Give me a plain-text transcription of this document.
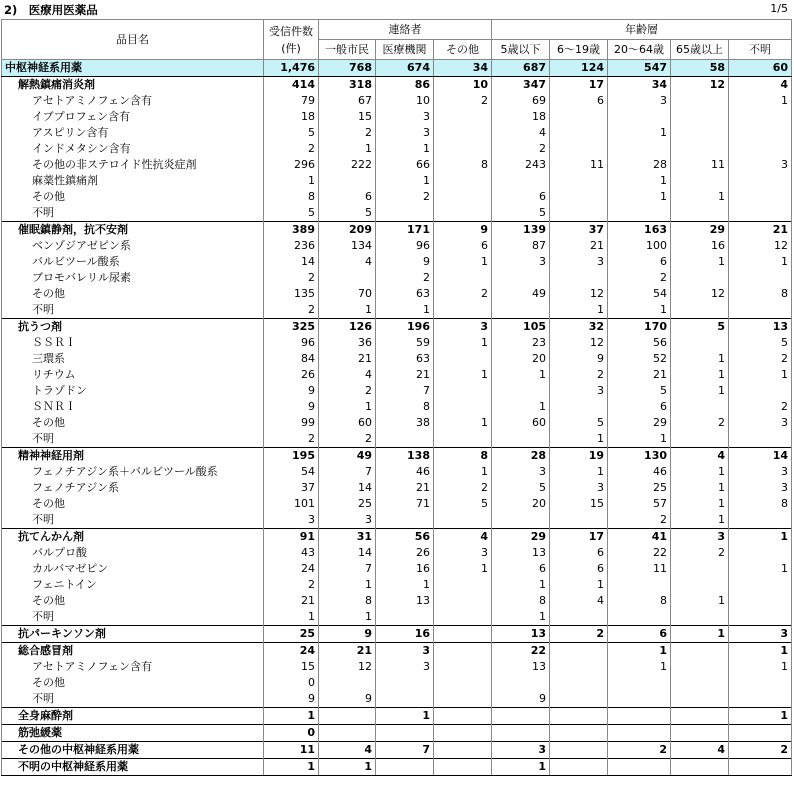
2)　医療用医薬品	1/5
品目名	受信件数(件)	連絡者			年齢層				
		一般市民	医療機関	その他	5歳以下	6～19歳	20～64歳	65歳以上	不明
中枢神経系用薬	1,476	768	674	34	687	124	547	58	60
解熱鎮痛消炎剤	414	318	86	10	347	17	34	12	4
アセトアミノフェン含有	79	67	10	2	69	6	3		1
イブプロフェン含有	18	15	3		18				
アスピリン含有	5	2	3		4		1		
インドメタシン含有	2	1	1		2				
その他の非ステロイド性抗炎症剤	296	222	66	8	243	11	28	11	3
麻薬性鎮痛剤	1		1				1		
その他	8	6	2		6		1	1	
不明	5	5			5				
催眠鎮静剤，抗不安剤	389	209	171	9	139	37	163	29	21
ベンゾジアゼピン系	236	134	96	6	87	21	100	16	12
バルビツール酸系	14	4	9	1	3	3	6	1	1
ブロモバレリル尿素	2		2				2		
その他	135	70	63	2	49	12	54	12	8
不明	2	1	1			1	1		
抗うつ剤	325	126	196	3	105	32	170	5	13
ＳＳＲＩ	96	36	59	1	23	12	56		5
三環系	84	21	63		20	9	52	1	2
リチウム	26	4	21	1	1	2	21	1	1
トラゾドン	9	2	7			3	5	1	
ＳＮＲＩ	9	1	8		1		6		2
その他	99	60	38	1	60	5	29	2	3
不明	2	2				1	1		
精神神経用剤	195	49	138	8	28	19	130	4	14
フェノチアジン系＋バルビツール酸系	54	7	46	1	3	1	46	1	3
フェノチアジン系	37	14	21	2	5	3	25	1	3
その他	101	25	71	5	20	15	57	1	8
不明	3	3					2	1	
抗てんかん剤	91	31	56	4	29	17	41	3	1
バルプロ酸	43	14	26	3	13	6	22	2	
カルバマゼピン	24	7	16	1	6	6	11		1
フェニトイン	2	1	1		1	1			
その他	21	8	13		8	4	8	1	
不明	1	1			1				
抗パーキンソン剤	25	9	16		13	2	6	1	3
総合感冒剤	24	21	3		22		1		1
アセトアミノフェン含有	15	12	3		13		1		1
その他	0								
不明	9	9			9				
全身麻酔剤	1		1						1
筋弛緩薬	0								
その他の中枢神経系用薬	11	4	7		3		2	4	2
不明の中枢神経系用薬	1	1			1				
